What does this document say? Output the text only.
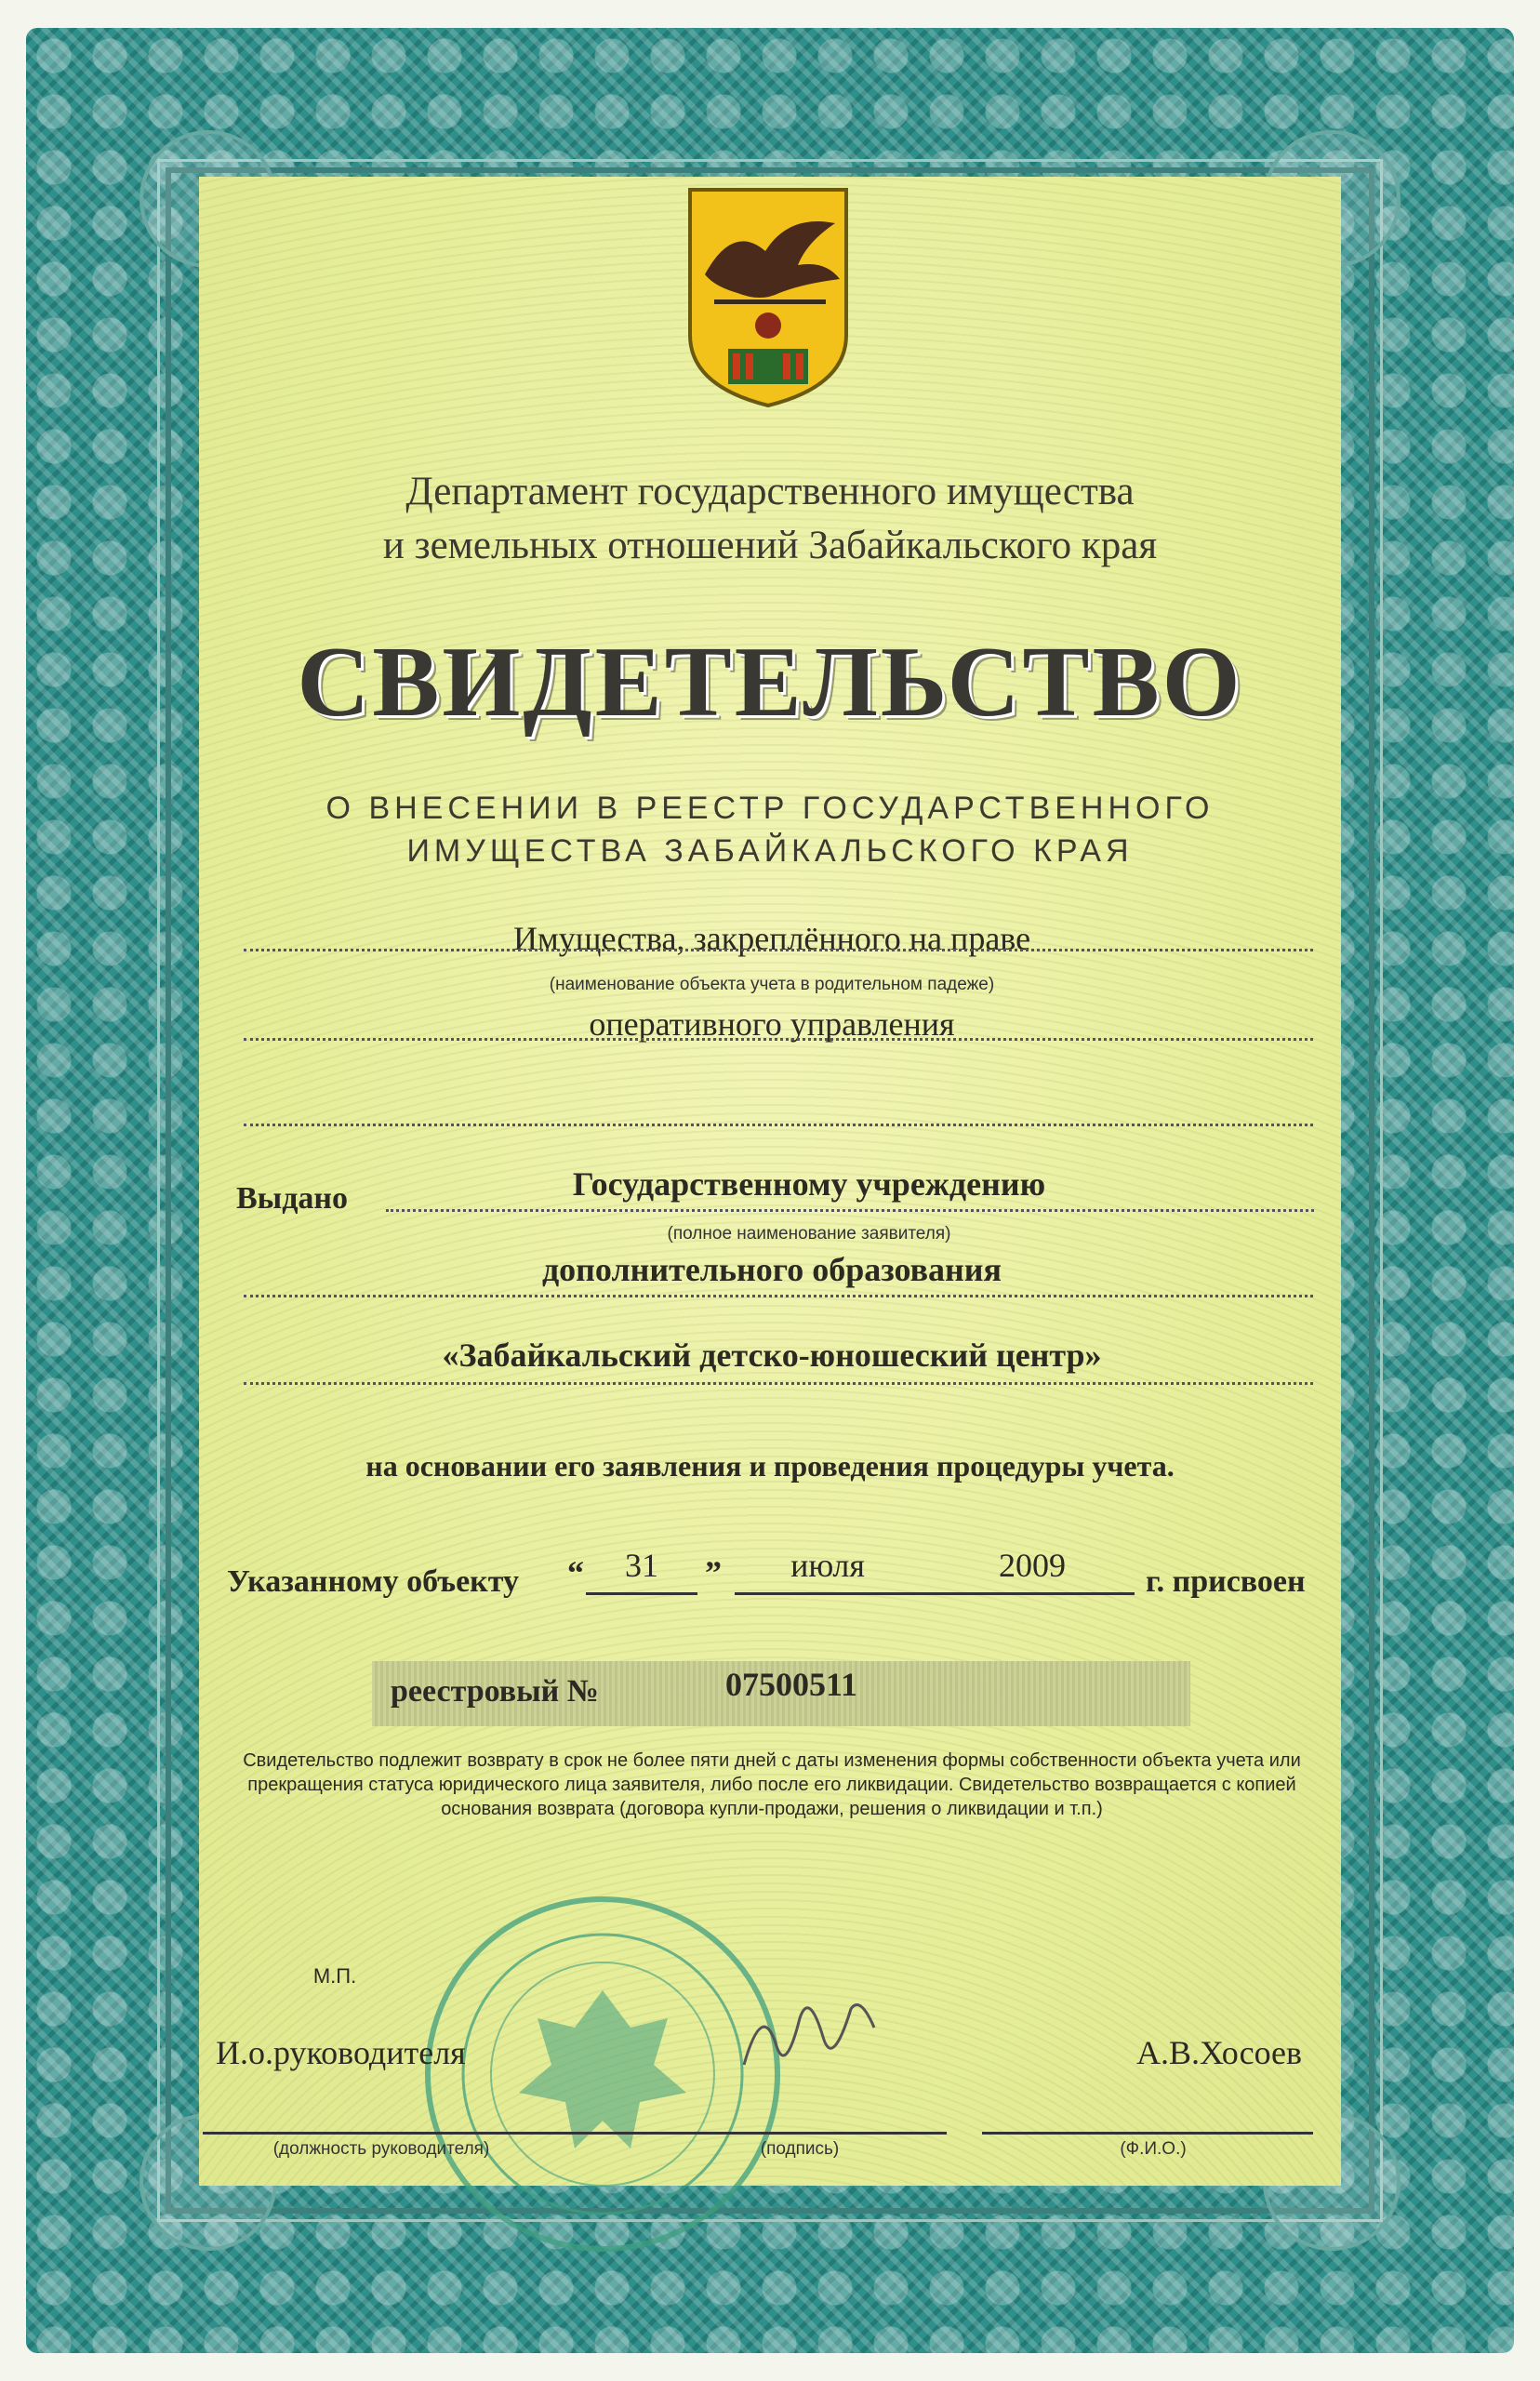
Департамент государственного имущества
и земельных отношений Забайкальского края
СВИДЕТЕЛЬСТВО
О ВНЕСЕНИИ В РЕЕСТР ГОСУДАРСТВЕННОГО
ИМУЩЕСТВА ЗАБАЙКАЛЬСКОГО КРАЯ
Имущества, закреплённого на праве
(наименование объекта учета в родительном падеже)
оперативного управления
Выдано	Государственному учреждению
(полное наименование заявителя)
дополнительного образования
«Забайкальский детско-юношеский центр»
на основании его заявления и проведения процедуры учета.
Указанному объекту “	31	”	июля	2009	г. присвоен
реестровый №	07500511
Свидетельство подлежит возврату в срок не более пяти дней с даты изменения формы собственности объекта учета или прекращения статуса юридического лица заявителя, либо после его ликвидации. Свидетельство возвращается с копией основания возврата (договора купли-продажи, решения о ликвидации и т.п.)
М.П.
И.о.руководителя	А.В.Хосоев
(должность руководителя)	(подпись)	(Ф.И.О.)
